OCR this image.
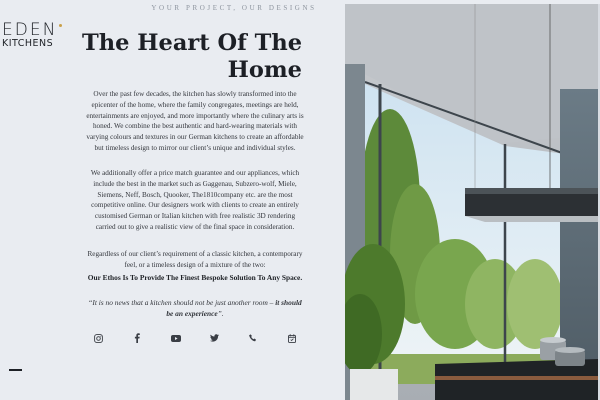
YOUR PROJECT, OUR DESIGNS
EDEN
KITCHENS	The Heart Of The Home

Over the past few decades, the kitchen has slowly transformed into the epicenter of the home, where the family congregates, meetings are held, entertainments are enjoyed, and more importantly where the culinary arts is honed. We combine the best authentic and hard-wearing materials with varying colours and textures in our German kitchens to create an affordable but timeless design to mirror our client’s unique and individual styles.

We additionally offer a price match guarantee and our appliances, which include the best in the market such as Gaggenau, Subzero-wolf, Miele, Siemens, Neff, Bosch, Quooker, The1810company etc. are the most competitive online. Our designers work with clients to create an entirely customised German or Italian kitchen with free realistic 3D rendering carried out to give a realistic view of the final space in consideration.

Regardless of our client’s requirement of a classic kitchen, a contemporary feel, or a timeless design of a mixture of the two:

Our Ethos Is To Provide The Finest Bespoke Solution To Any Space.

“It is no news that a kitchen should not be just another room – it should be an experience”.
